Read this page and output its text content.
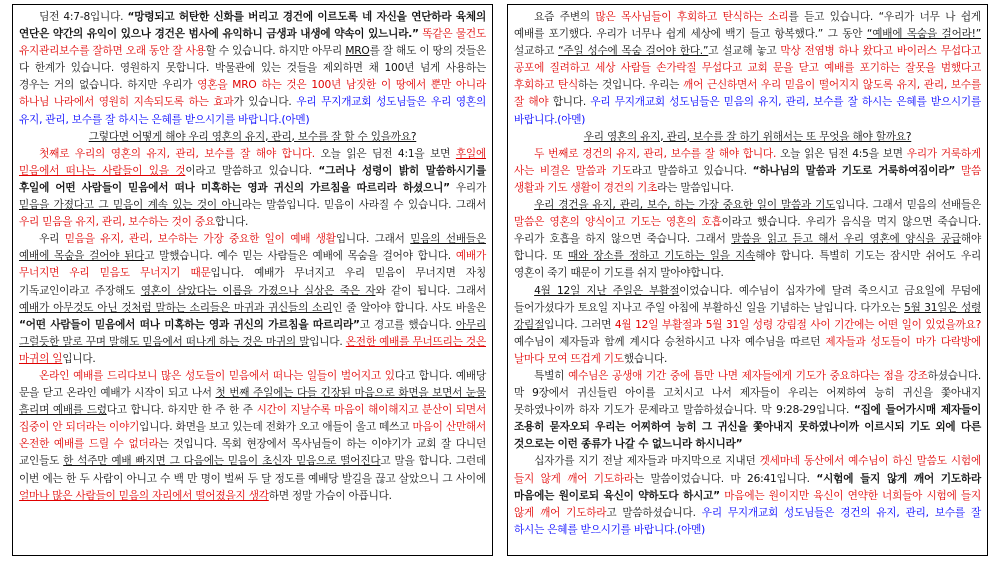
딤전 4:7-8입니다. “망령되고 허탄한 신화를 버리고 경건에 이르도록 네 자신을 연단하라 육체의 연단은 약간의 유익이 있으나 경건은 범사에 유익하니 금생과 내생에 약속이 있느니라.” 똑같은 물건도 유지관리보수를 잘하면 오래 동안 잘 사용할 수 있습니다. 하지만 아무리 MRO를 잘 해도 이 땅의 것들은 다 한계가 있습니다. 영원하지 못합니다. 박물관에 있는 것들을 제외하면 채 100년 넘게 사용하는 경우는 거의 없습니다. 하지만 우리가 영혼을 MRO 하는 것은 100년 남짓한 이 땅에서 뿐만 아니라 하나님 나라에서 영원히 지속되도록 하는 효과가 있습니다. 우리 무지개교회 성도님들은 우리 영혼의 유지, 관리, 보수를 잘 하시는 은혜를 받으시기를 바랍니다.(아멘)

그렇다면 어떻게 해야 우리 영혼의 유지, 관리, 보수를 잘 할 수 있을까요?

첫째로 우리의 영혼의 유지, 관리, 보수를 잘 해야 합니다. 오늘 읽은 딤전 4:1을 보면 후일에 믿음에서 떠나는 사람들이 있을 것이라고 말씀하고 있습니다. “그러나 성령이 밝히 말씀하시기를 후일에 어떤 사람들이 믿음에서 떠나 미혹하는 영과 귀신의 가르침을 따르리라 하셨으니” 우리가 믿음을 가졌다고 그 믿음이 계속 있는 것이 아니라는 말씀입니다. 믿음이 사라질 수 있습니다. 그래서 우리 믿음을 유지, 관리, 보수하는 것이 중요합니다.

우리 믿음을 유지, 관리, 보수하는 가장 중요한 일이 예배 생활입니다. 그래서 믿음의 선배들은 예배에 목숨을 걸어야 된다고 말했습니다. 예수 믿는 사람들은 예배에 목숨을 걸어야 합니다. 예배가 무너지면 우리 믿음도 무너지기 때문입니다. 예배가 무너지고 우리 믿음이 무너지면 자칭 기독교인이라고 주장해도 영혼이 살았다는 이름을 가졌으나 실상은 죽은 자와 같이 됩니다. 그래서 예배가 아무것도 아닌 것처럼 말하는 소리들은 마귀과 귀신들의 소리인 줄 알아야 합니다. 사도 바울은 “어떤 사람들이 믿음에서 떠나 미혹하는 영과 귀신의 가르침을 따르리라”고 경고를 했습니다. 아무리 그럴듯한 말로 꾸며 말해도 믿음에서 떠나게 하는 것은 마귀의 말입니다. 온전한 예배를 무너뜨리는 것은 마귀의 일입니다.

온라인 예배를 드리다보니 많은 성도들이 믿음에서 떠나는 일들이 벌어지고 있다고 합니다. 예배당 문을 닫고 온라인 예배가 시작이 되고 나서 첫 번째 주일에는 다들 긴장된 마음으로 화면을 보면서 눈물 흘리며 예배를 드렸다고 합니다. 하지만 한 주 한 주 시간이 지날수록 마음이 해이해지고 분산이 되면서 집중이 안 되더라는 이야기입니다. 화면을 보고 있는데 전화가 오고 애들이 울고 떼쓰고 마음이 산만해서 온전한 예배를 드릴 수 없더라는 것입니다. 목회 현장에서 목사님들이 하는 이야기가 교회 잘 다니던 교인들도 한 석주만 예배 빠지면 그 다음에는 믿음이 초신자 믿음으로 떨어진다고 말을 합니다. 그런데 이번 에는 한 두 사람이 아니고 수 백 만 명이 벌써 두 달 정도를 예배당 발길을 끊고 살았으니 그 사이에 얼마나 많은 사람들이 믿음의 자리에서 떨어졌을지 생각하면 정말 가슴이 아픕니다.

요즘 주변의 많은 목사님들이 후회하고 탄식하는 소리를 듣고 있습니다. “우리가 너무 나 쉽게 예배를 포기했다. 우리가 너무나 쉽게 세상에 백기 들고 항복했다.” 그 동안 “예배에 목숨을 걸어라!” 설교하고 “주일 성수에 목숨 걸어야 한다.”고 설교해 놓고 막상 전염병 하나 왔다고 바이러스 무섭다고 공포에 질려하고 세상 사람들 손가락질 무섭다고 교회 문을 닫고 예배를 포기하는 잘못을 범했다고 후회하고 탄식하는 것입니다. 우리는 깨어 근신하면서 우리 믿음이 떨어지지 않도록 유지, 관리, 보수를 잘 해야 합니다. 우리 무지개교회 성도님들은 믿음의 유지, 관리, 보수를 잘 하시는 은혜를 받으시기를 바랍니다.(아멘)

우리 영혼의 유지, 관리, 보수를 잘 하기 위해서는 또 무엇을 해야 할까요?

두 번째로 경건의 유지, 관리, 보수를 잘 해야 합니다. 오늘 읽은 딤전 4:5을 보면 우리가 거룩하게 사는 비결은 말씀과 기도라고 말씀하고 있습니다. “하나님의 말씀과 기도로 거룩하여짐이라” 말씀 생활과 기도 생활이 경건의 기초라는 말씀입니다.

우리 경건을 유지, 관리, 보수, 하는 가장 중요한 일이 말씀과 기도입니다. 그래서 믿음의 선배들은 말씀은 영혼의 양식이고 기도는 영혼의 호흡이라고 했습니다. 우리가 음식을 먹지 않으면 죽습니다. 우리가 호흡을 하지 않으면 죽습니다. 그래서 말씀을 읽고 듣고 해서 우리 영혼에 양식을 공급해야 합니다. 또 때와 장소를 정하고 기도하는 일을 지속해야 합니다. 특별히 기도는 잠시만 쉬어도 우리 영혼이 죽기 때문이 기도를 쉬지 말아야합니다.

4월 12일 지난 주일은 부활절이었습니다. 예수님이 십자가에 달려 죽으시고 금요일에 무덤에 들어가셨다가 토요일 지나고 주일 아침에 부활하신 일을 기념하는 날입니다. 다가오는 5월 31일은 성령 강림절입니다. 그러면 4월 12일 부활절과 5월 31일 성령 강림절 사이 기간에는 어떤 일이 있었을까요? 예수님이 제자들과 함께 계시다 승천하시고 나자 예수님을 따르던 제자들과 성도들이 마가 다락방에 날마다 모여 뜨겁게 기도했습니다.

특별히 예수님은 공생애 기간 중에 틈만 나면 제자들에게 기도가 중요하다는 점을 강조하셨습니다. 막 9장에서 귀신들린 아이를 고치시고 나서 제자들이 우리는 어찌하여 능히 귀신을 쫓아내지 못하였나이까 하자 기도가 문제라고 말씀하셨습니다. 막 9:28-29입니다. “집에 들어가시매 제자들이 조용히 묻자오되 우리는 어찌하여 능히 그 귀신을 쫓아내지 못하였나이까 이르시되 기도 외에 다른 것으로는 이런 종류가 나갈 수 없느니라 하시니라”

십자가를 지기 전날 제자들과 마지막으로 지내던 겟세마네 동산에서 예수님이 하신 말씀도 시험에 들지 않게 깨어 기도하라는 말씀이었습니다. 마 26:41입니다. “시험에 들지 않게 깨어 기도하라 마음에는 원이로되 육신이 약하도다 하시고” 마음에는 원이지만 육신이 연약한 너희들아 시험에 들지 않게 깨어 기도하라고 말씀하셨습니다. 우리 무지개교회 성도님들은 경건의 유지, 관리, 보수를 잘 하시는 은혜를 받으시기를 바랍니다.(아멘)
